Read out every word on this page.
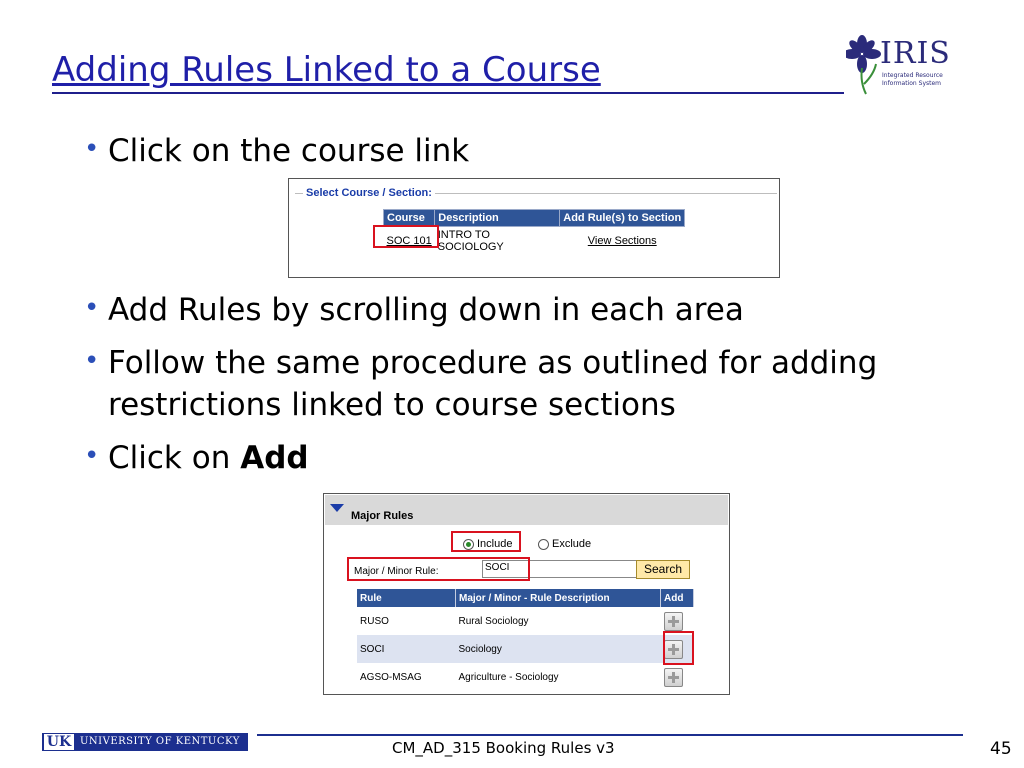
Adding Rules Linked to a Course	IRIS
Integrated Resource
Information System
• Click on the course link
Select Course / Section:
Course	Description	Add Rule(s) to Section
SOC 101	INTRO TO SOCIOLOGY	View Sections
• Add Rules by scrolling down in each area
• Follow the same procedure as outlined for adding
restrictions linked to course sections
• Click on Add
Major Rules
Include	Exclude
Major / Minor Rule:	SOCI	Search
Rule	Major / Minor - Rule Description	Add
RUSO	Rural Sociology	
SOCI	Sociology	
AGSO-MSAG	Agriculture - Sociology	
UK UNIVERSITY OF KENTUCKY	CM_AD_315 Booking Rules v3	45
